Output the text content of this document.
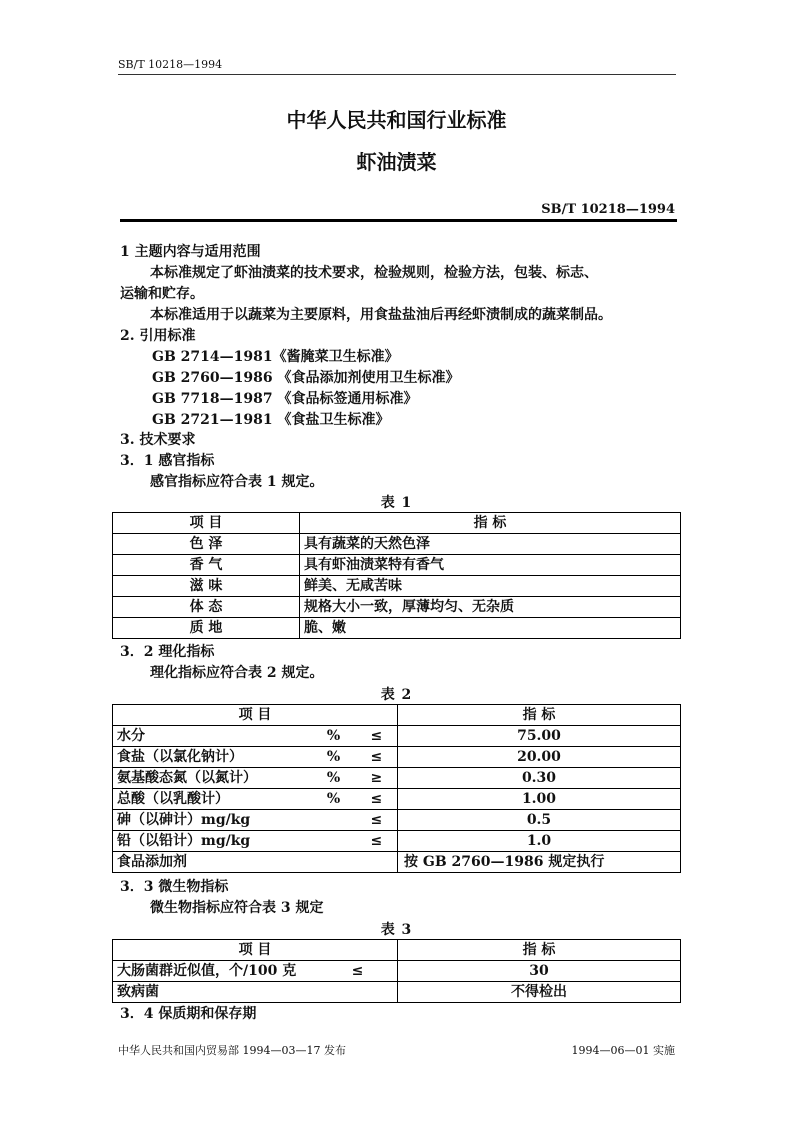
SB/T 10218—1994
中华人民共和国行业标准
虾油渍菜
SB/T 10218—1994
1 主题内容与适用范围
本标准规定了虾油渍菜的技术要求，检验规则，检验方法，包装、标志、
运输和贮存。
本标准适用于以蔬菜为主要原料，用食盐盐油后再经虾渍制成的蔬菜制品。
2. 引用标准
GB 2714—1981《酱腌菜卫生标准》
GB 2760—1986 《食品添加剂使用卫生标准》
GB 7718—1987 《食品标签通用标准》
GB 2721—1981 《食盐卫生标准》
3. 技术要求
3．1 感官指标
感官指标应符合表 1 规定。
表 1
项 目	指 标
色 泽	具有蔬菜的天然色泽
香 气	具有虾油渍菜特有香气
滋 味	鲜美、无咸苦味
体 态	规格大小一致，厚薄均匀、无杂质
质 地	脆、嫩
3．2 理化指标
理化指标应符合表 2 规定。
表 2
项 目			指 标
水分	%	≤	75.00
食盐（以氯化钠计）	%	≤	20.00
氨基酸态氮（以氮计）	%	≥	0.30
总酸（以乳酸计）	%	≤	1.00
砷（以砷计）mg/kg		≤	0.5
铅（以铅计）mg/kg		≤	1.0
食品添加剂			按 GB 2760—1986 规定执行
3．3 微生物指标
微生物指标应符合表 3 规定
表 3
项 目		指 标
大肠菌群近似值，个/100 克	≤	30
致病菌		不得检出
3．4 保质期和保存期
中华人民共和国内贸易部 1994—03—17 发布	1994—06—01 实施
